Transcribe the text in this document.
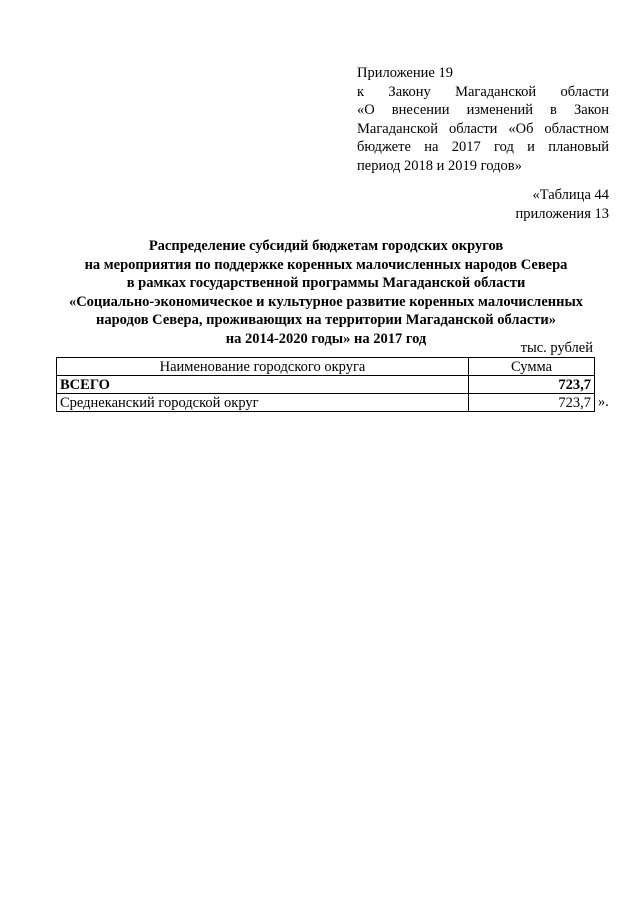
Приложение 19
к Закону Магаданской области
«О внесении изменений в Закон
Магаданской области «Об областном
бюджете на 2017 год и плановый
период 2018 и 2019 годов»
«Таблица 44
приложения 13
Распределение субсидий бюджетам городских округов
на мероприятия по поддержке коренных малочисленных народов Севера
в рамках государственной программы Магаданской области
«Социально-экономическое и культурное развитие коренных малочисленных
народов Севера, проживающих на территории Магаданской области»
на 2014-2020 годы» на 2017 год
тыс. рублей
Наименование городского округа	Сумма
ВСЕГО	723,7
Среднеканский городской округ	723,7 ».
